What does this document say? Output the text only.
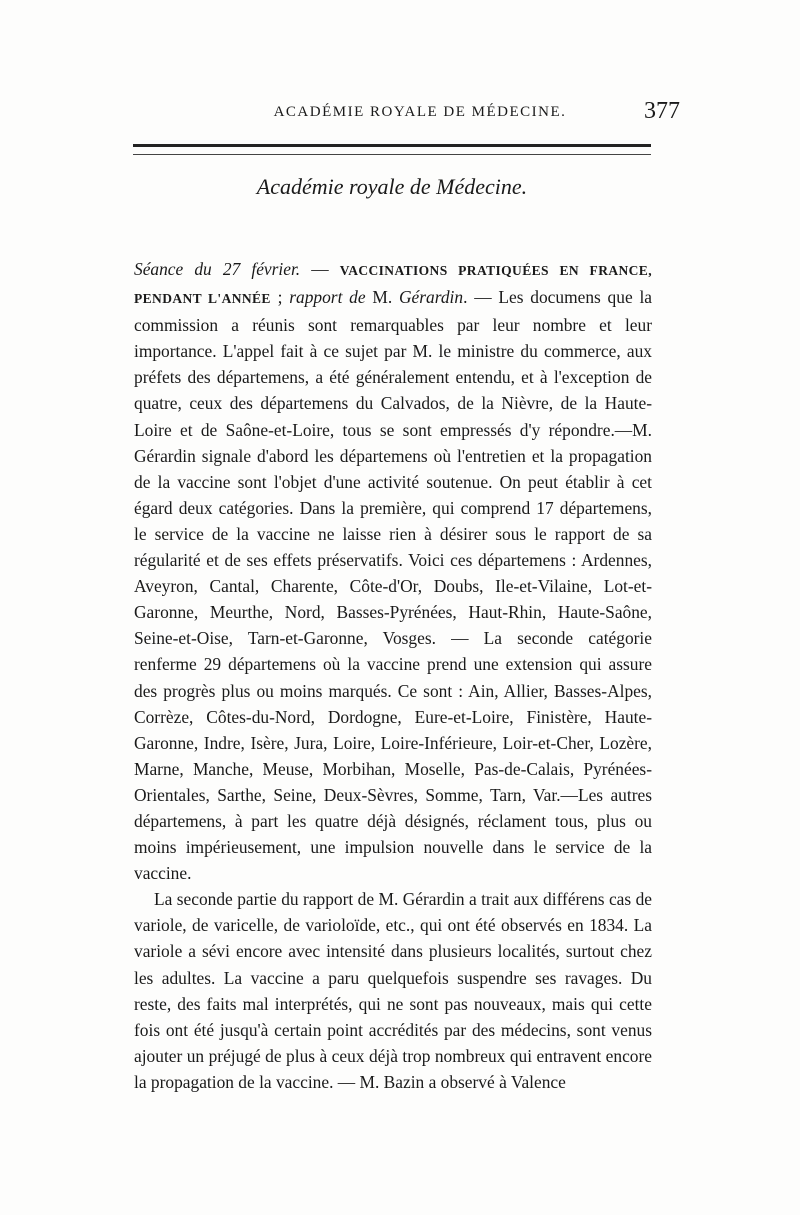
ACADÉMIE ROYALE DE MÉDECINE.	377
Académie royale de Médecine.

Séance du 27 février. — VACCINATIONS PRATIQUÉES EN FRANCE, PENDANT L'ANNÉE ; rapport de M. Gérardin. — Les documens que la commission a réunis sont remarquables par leur nombre et leur importance. L'appel fait à ce sujet par M. le ministre du commerce, aux préfets des départemens, a été généralement entendu, et à l'exception de quatre, ceux des départemens du Calvados, de la Nièvre, de la Haute-Loire et de Saône-et-Loire, tous se sont empressés d'y répondre.—M. Gérardin signale d'abord les départemens où l'entretien et la propagation de la vaccine sont l'objet d'une activité soutenue. On peut établir à cet égard deux catégories. Dans la première, qui comprend 17 départemens, le service de la vaccine ne laisse rien à désirer sous le rapport de sa régularité et de ses effets préservatifs. Voici ces départemens : Ardennes, Aveyron, Cantal, Charente, Côte-d'Or, Doubs, Ile-et-Vilaine, Lot-et-Garonne, Meurthe, Nord, Basses-Pyrénées, Haut-Rhin, Haute-Saône, Seine-et-Oise, Tarn-et-Garonne, Vosges. — La seconde catégorie renferme 29 départemens où la vaccine prend une extension qui assure des progrès plus ou moins marqués. Ce sont : Ain, Allier, Basses-Alpes, Corrèze, Côtes-du-Nord, Dordogne, Eure-et-Loire, Finistère, Haute-Garonne, Indre, Isère, Jura, Loire, Loire-Inférieure, Loir-et-Cher, Lozère, Marne, Manche, Meuse, Morbihan, Moselle, Pas-de-Calais, Pyrénées-Orientales, Sarthe, Seine, Deux-Sèvres, Somme, Tarn, Var.—Les autres départemens, à part les quatre déjà désignés, réclament tous, plus ou moins impérieusement, une impulsion nouvelle dans le service de la vaccine.

La seconde partie du rapport de M. Gérardin a trait aux différens cas de variole, de varicelle, de varioloïde, etc., qui ont été observés en 1834. La variole a sévi encore avec intensité dans plusieurs localités, surtout chez les adultes. La vaccine a paru quelquefois suspendre ses ravages. Du reste, des faits mal interprétés, qui ne sont pas nouveaux, mais qui cette fois ont été jusqu'à certain point accrédités par des médecins, sont venus ajouter un préjugé de plus à ceux déjà trop nombreux qui entravent encore la propagation de la vaccine. — M. Bazin a observé à Valence
